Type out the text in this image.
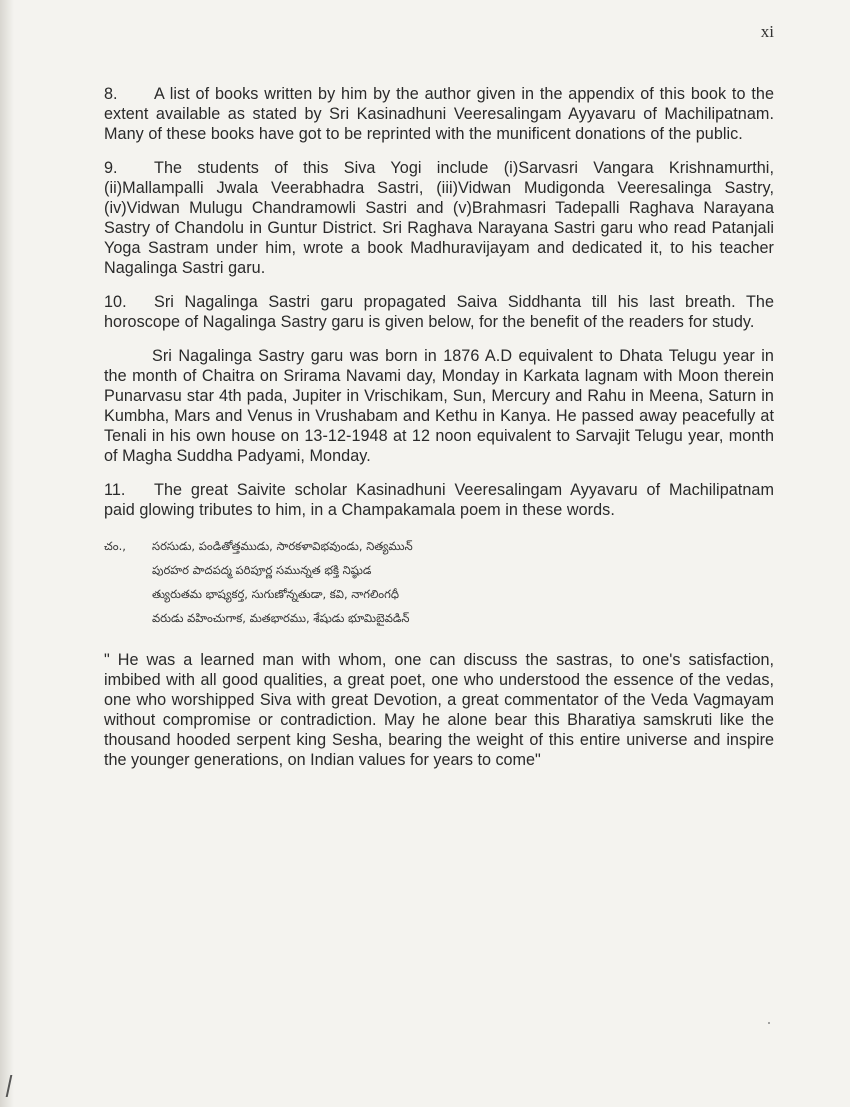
xi

8. A list of books written by him by the author given in the appendix of this book to the extent available as stated by Sri Kasinadhuni Veeresalingam Ayyavaru of Machilipatnam. Many of these books have got to be reprinted with the munificent donations of the public.

9. The students of this Siva Yogi include (i)Sarvasri Vangara Krishnamurthi, (ii)Mallampalli Jwala Veerabhadra Sastri, (iii)Vidwan Mudigonda Veeresalinga Sastry, (iv)Vidwan Mulugu Chandramowli Sastri and (v)Brahmasri Tadepalli Raghava Narayana Sastry of Chandolu in Guntur District. Sri Raghava Narayana Sastri garu who read Patanjali Yoga Sastram under him, wrote a book Madhuravijayam and dedicated it, to his teacher Nagalinga Sastri garu.

10. Sri Nagalinga Sastri garu propagated Saiva Siddhanta till his last breath. The horoscope of Nagalinga Sastry garu is given below, for the benefit of the readers for study.

Sri Nagalinga Sastry garu was born in 1876 A.D equivalent to Dhata Telugu year in the month of Chaitra on Srirama Navami day, Monday in Karkata lagnam with Moon therein Punarvasu star 4th pada, Jupiter in Vrischikam, Sun, Mercury and Rahu in Meena, Saturn in Kumbha, Mars and Venus in Vrushabam and Kethu in Kanya. He passed away peacefully at Tenali in his own house on 13-12-1948 at 12 noon equivalent to Sarvajit Telugu year, month of Magha Suddha Padyami, Monday.

11. The great Saivite scholar Kasinadhuni Veeresalingam Ayyavaru of Machilipatnam paid glowing tributes to him, in a Champakamala poem in these words.

చం., సరసుడు, పండితోత్తముడు, సారకళావిభవుండు, నిత్యమున్
పురహర పాదపద్మ పరిపూర్ణ సమున్నత భక్తి నిష్ఠుడ
త్యురుతమ భాష్యకర్త, సుగుణోన్నతుడా, కవి, నాగలింగధీ
వరుడు వహించుగాక, మతభారము, శేషుడు భూమిబైవడిన్

" He was a learned man with whom, one can discuss the sastras, to one's satisfaction, imbibed with all good qualities, a great poet, one who understood the essence of the vedas, one who worshipped Siva with great Devotion, a great commentator of the Veda Vagmayam without compromise or contradiction. May he alone bear this Bharatiya samskruti like the thousand hooded serpent king Sesha, bearing the weight of this entire universe and inspire the younger generations, on Indian values for years to come"
